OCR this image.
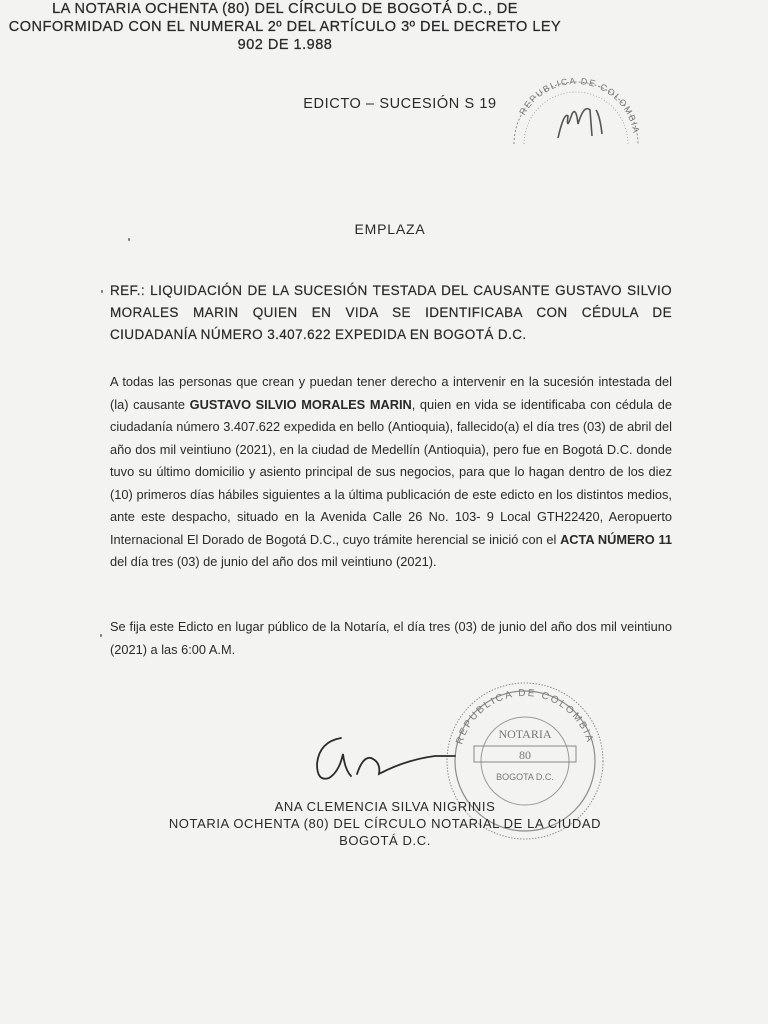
EDICTO – SUCESIÓN S 19	REPUBLICA DE COLOMBIA
LA NOTARIA OCHENTA (80) DEL CÍRCULO DE BOGOTÁ D.C., DE CONFORMIDAD CON EL NUMERAL 2º DEL ARTÍCULO 3º DEL DECRETO LEY 902 DE 1.988
EMPLAZA
REF.: LIQUIDACIÓN DE LA SUCESIÓN TESTADA DEL CAUSANTE GUSTAVO SILVIO MORALES MARIN QUIEN EN VIDA SE IDENTIFICABA CON CÉDULA DE CIUDADANÍA NÚMERO 3.407.622 EXPEDIDA EN BOGOTÁ D.C.
A todas las personas que crean y puedan tener derecho a intervenir en la sucesión intestada del (la) causante GUSTAVO SILVIO MORALES MARIN, quien en vida se identificaba con cédula de ciudadanía número 3.407.622 expedida en bello (Antioquia), fallecido(a) el día tres (03) de abril del año dos mil veintiuno (2021), en la ciudad de Medellín (Antioquia), pero fue en Bogotá D.C. donde tuvo su último domicilio y asiento principal de sus negocios, para que lo hagan dentro de los diez (10) primeros días hábiles siguientes a la última publicación de este edicto en los distintos medios, ante este despacho, situado en la Avenida Calle 26 No. 103- 9 Local GTH22420, Aeropuerto Internacional El Dorado de Bogotá D.C., cuyo trámite herencial se inició con el ACTA NÚMERO 11 del día tres (03) de junio del año dos mil veintiuno (2021).
Se fija este Edicto en lugar público de la Notaría, el día tres (03) de junio del año dos mil veintiuno (2021) a las 6:00 A.M.
REPUBLICA DE COLOMBIA
NOTARIA
80
BOGOTA D.C.
ANA CLEMENCIA SILVA NIGRINIS
NOTARIA OCHENTA (80) DEL CÍRCULO NOTARIAL DE LA CIUDAD
BOGOTÁ D.C.
